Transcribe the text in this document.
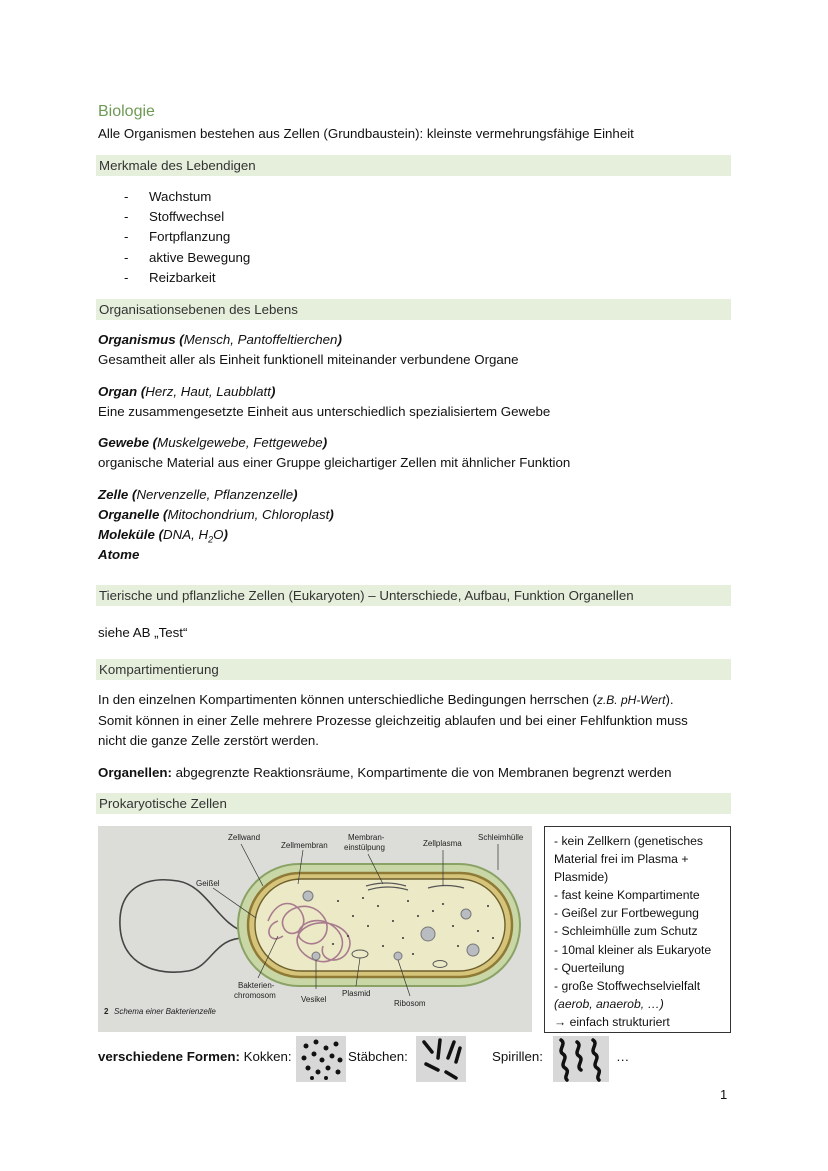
Biologie
Alle Organismen bestehen aus Zellen (Grundbaustein): kleinste vermehrungsfähige Einheit
Merkmale des Lebendigen
- Wachstum
- Stoffwechsel
- Fortpflanzung
- aktive Bewegung
- Reizbarkeit
Organisationsebenen des Lebens
Organismus (Mensch, Pantoffeltierchen)
Gesamtheit aller als Einheit funktionell miteinander verbundene Organe
Organ (Herz, Haut, Laubblatt)
Eine zusammengesetzte Einheit aus unterschiedlich spezialisiertem Gewebe
Gewebe (Muskelgewebe, Fettgewebe)
organische Material aus einer Gruppe gleichartiger Zellen mit ähnlicher Funktion
Zelle (Nervenzelle, Pflanzenzelle)
Organelle (Mitochondrium, Chloroplast)
Moleküle (DNA, $H_2O$)
Atome
Tierische und pflanzliche Zellen (Eukaryoten) – Unterschiede, Aufbau, Funktion Organellen
siehe AB „Test“
Kompartimentierung
In den einzelnen Kompartimenten können unterschiedliche Bedingungen herrschen (z.B. pH-Wert).
Somit können in einer Zelle mehrere Prozesse gleichzeitig ablaufen und bei einer Fehlfunktion muss
nicht die ganze Zelle zerstört werden.
Organellen: abgegrenzte Reaktionsräume, Kompartimente die von Membranen begrenzt werden
Prokaryotische Zellen
Zellwand
Zellmembran
Membran-
einstülpung	Zellplasma
Schleimhülle
Geißel
Bakterien-
chromosom	Vesikel
Plasmid
Ribosom
2 Schema einer Bakterienzelle
- kein Zellkern (genetisches
Material frei im Plasma +
Plasmide)
- fast keine Kompartimente
- Geißel zur Fortbewegung
- Schleimhülle zum Schutz
- 10mal kleiner als Eukaryote
- Querteilung
- große Stoffwechselvielfalt
(aerob, anaerob, …)
→ einfach strukturiert
verschiedene Formen: Kokken:	Stäbchen:	Spirillen:	…
1
